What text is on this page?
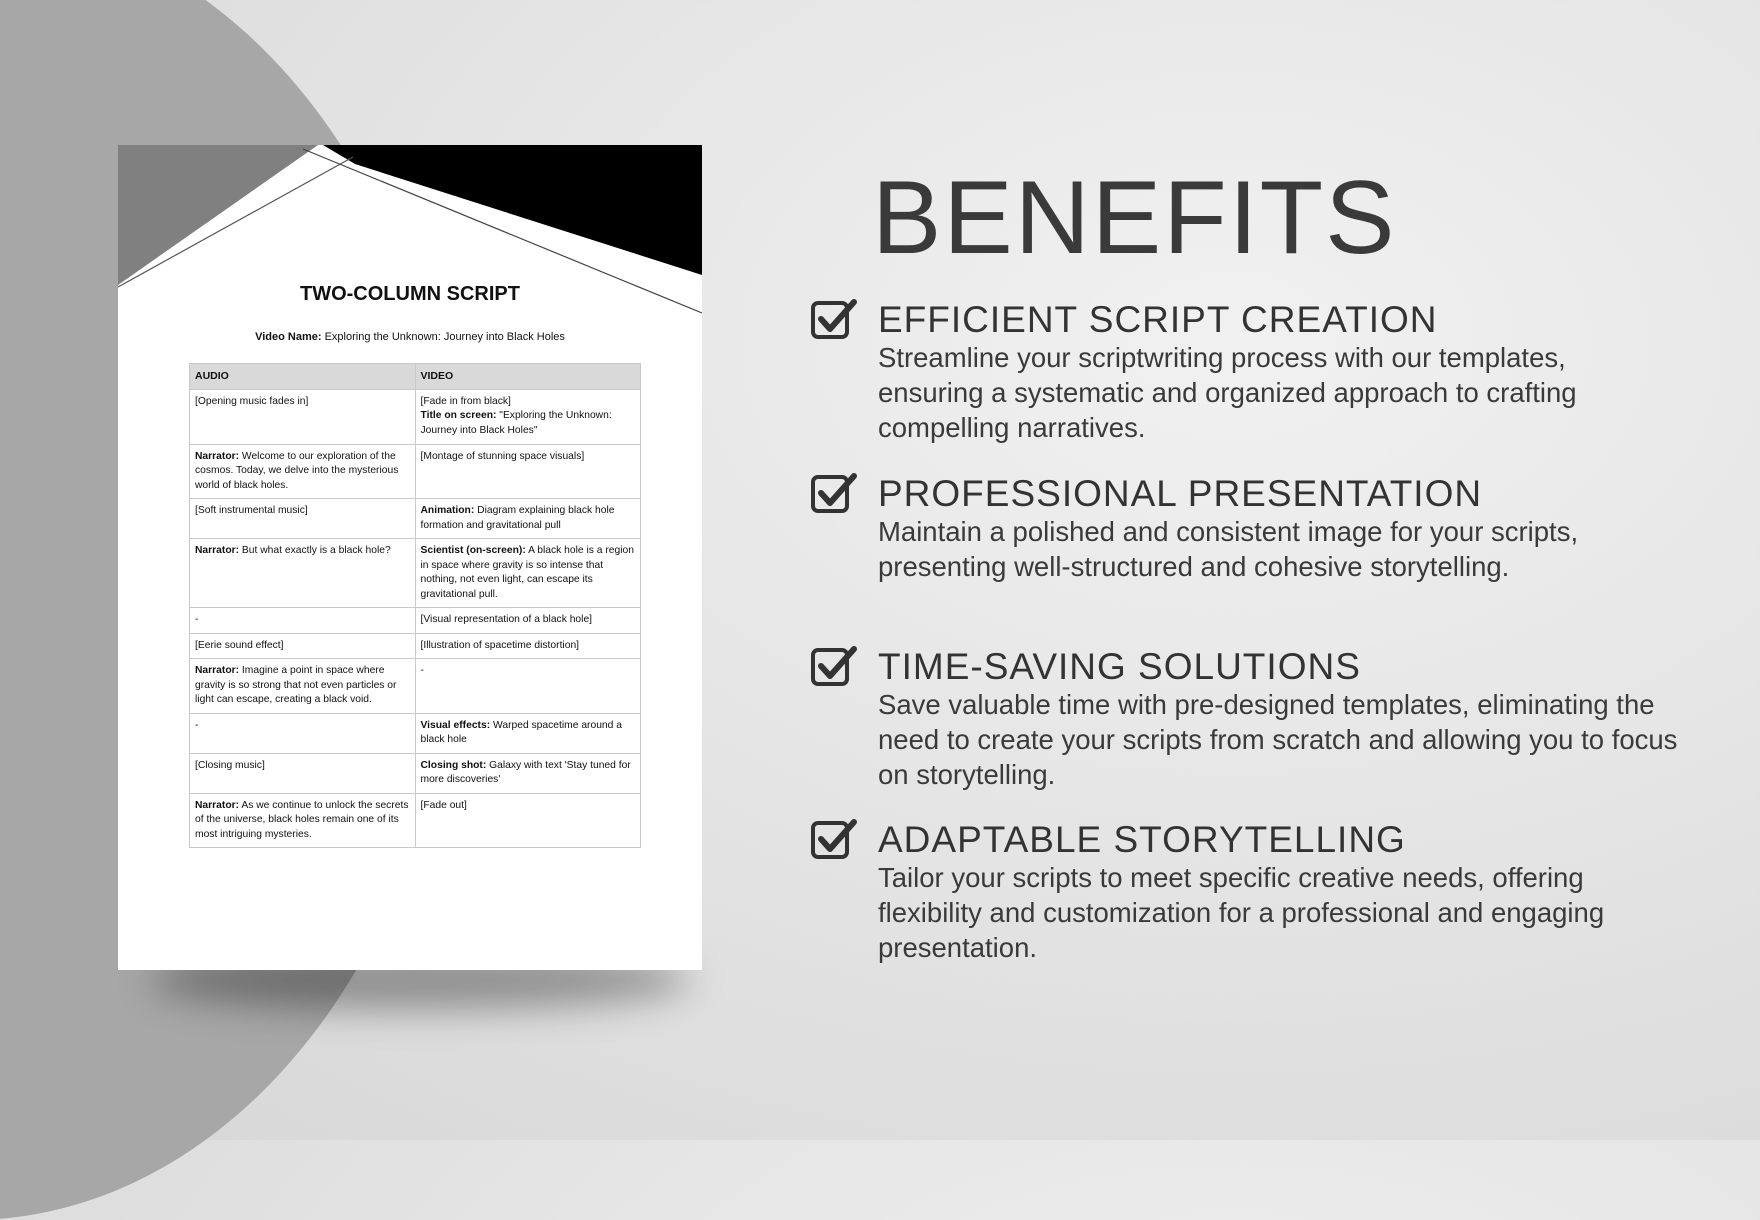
TWO-COLUMN SCRIPT
Video Name: Exploring the Unknown: Journey into Black Holes
AUDIO	VIDEO
[Opening music fades in]	[Fade in from black]
Title on screen: "Exploring the Unknown: Journey into Black Holes"
Narrator: Welcome to our exploration of the cosmos. Today, we delve into the mysterious world of black holes.	[Montage of stunning space visuals]
[Soft instrumental music]	Animation: Diagram explaining black hole formation and gravitational pull
Narrator: But what exactly is a black hole?	Scientist (on-screen): A black hole is a region in space where gravity is so intense that nothing, not even light, can escape its gravitational pull.
-	[Visual representation of a black hole]
[Eerie sound effect]	[Illustration of spacetime distortion]
Narrator: Imagine a point in space where gravity is so strong that not even particles or light can escape, creating a black void.	-
-	Visual effects: Warped spacetime around a black hole
[Closing music]	Closing shot: Galaxy with text 'Stay tuned for more discoveries'
Narrator: As we continue to unlock the secrets of the universe, black holes remain one of its most intriguing mysteries.	[Fade out]
BENEFITS
EFFICIENT SCRIPT CREATION
Streamline your scriptwriting process with our templates, ensuring a systematic and organized approach to crafting compelling narratives.
PROFESSIONAL PRESENTATION
Maintain a polished and consistent image for your scripts, presenting well-structured and cohesive storytelling.
TIME-SAVING SOLUTIONS
Save valuable time with pre-designed templates, eliminating the need to create your scripts from scratch and allowing you to focus on storytelling.
ADAPTABLE STORYTELLING
Tailor your scripts to meet specific creative needs, offering flexibility and customization for a professional and engaging presentation.
